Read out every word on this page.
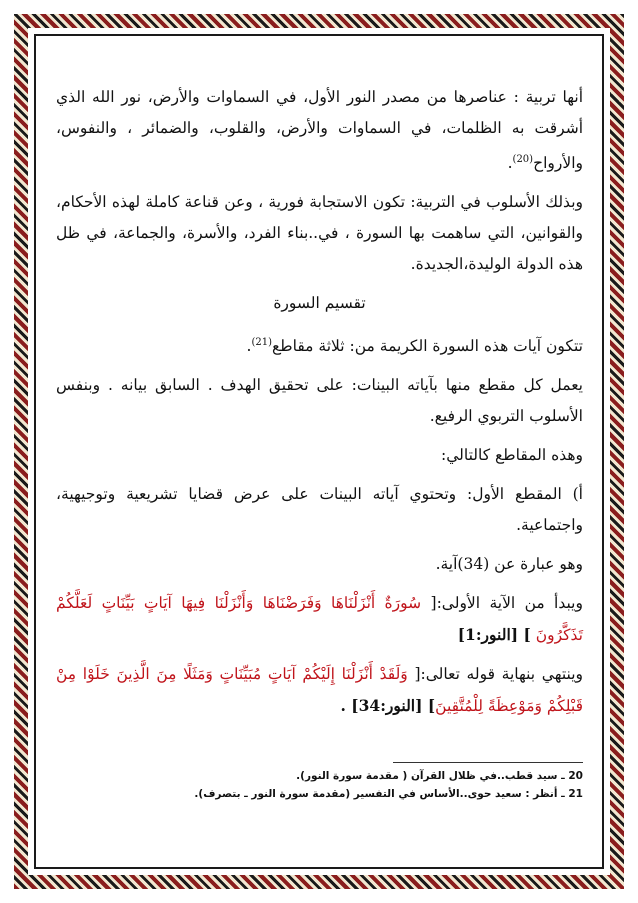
أنها تربية : عناصرها من مصدر النور الأول، في السماوات والأرض، نور الله الذي أشرقت به الظلمات، في السماوات والأرض، والقلوب، والضمائر ، والنفوس، والأرواح$^{(20)}$.

وبذلك الأسلوب في التربية: تكون الاستجابة فورية ، وعن قناعة كاملة لهذه الأحكام، والقوانين، التي ساهمت بها السورة ، في..بناء الفرد، والأسرة، والجماعة، في ظل هذه الدولة الوليدة،الجديدة.

تقسيم السورة

تتكون آيات هذه السورة الكريمة من: ثلاثة مقاطع$^{(21)}$.

يعمل كل مقطع منها بآياته البينات: على تحقيق الهدف . السابق بيانه . وبنفس الأسلوب التربوي الرفيع.

وهذه المقاطع كالتالي:

أ) المقطع الأول: وتحتوي آياته البينات على عرض قضايا تشريعية وتوجيهية، واجتماعية.

وهو عبارة عن (34)آية.

ويبدأ من الآية الأولى:[ سُورَةٌ أَنْزَلْنَاهَا وَفَرَضْنَاهَا وَأَنْزَلْنَا فِيهَا آيَاتٍ بَيِّنَاتٍ لَعَلَّكُمْ تَذَكَّرُونَ ] [النور:1]

وينتهي بنهاية قوله تعالى:[ وَلَقَدْ أَنْزَلْنَا إِلَيْكُمْ آيَاتٍ مُبَيِّنَاتٍ وَمَثَلًا مِنَ الَّذِينَ خَلَوْا مِنْ قَبْلِكُمْ وَمَوْعِظَةً لِلْمُتَّقِينَ] [النور:34] .

20 ـ سيد قطب..في ظلال القرآن ( مقدمة سورة النور).

21 ـ أنظر : سعيد حوى..الأساس في التفسير (مقدمة سورة النور ـ بتصرف).
